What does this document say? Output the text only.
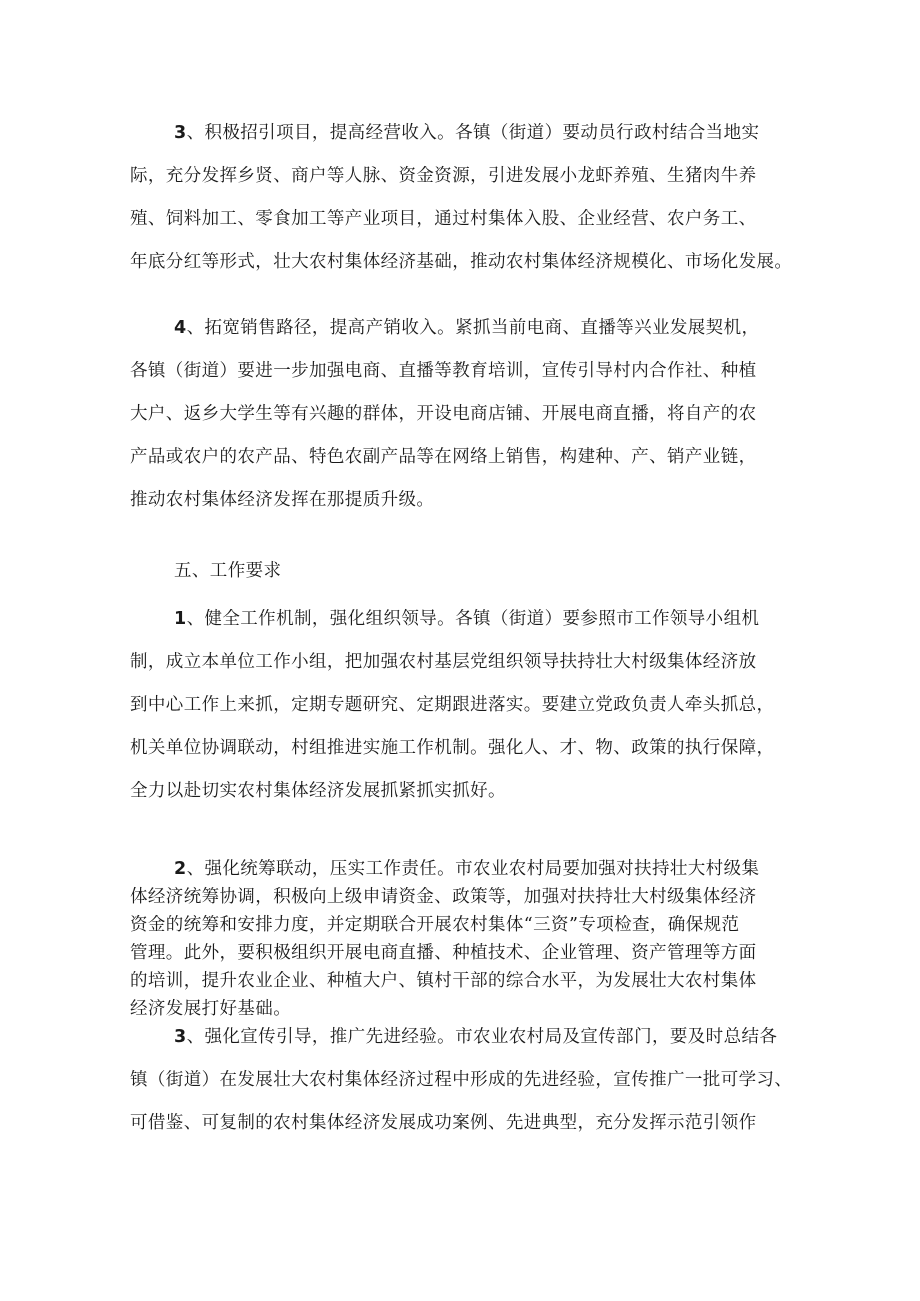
3、积极招引项目，提高经营收入。各镇（街道）要动员行政村结合当地实
际，充分发挥乡贤、商户等人脉、资金资源，引进发展小龙虾养殖、生猪肉牛养
殖、饲料加工、零食加工等产业项目，通过村集体入股、企业经营、农户务工、
年底分红等形式，壮大农村集体经济基础，推动农村集体经济规模化、市场化发展。
4、拓宽销售路径，提高产销收入。紧抓当前电商、直播等兴业发展契机，
各镇（街道）要进一步加强电商、直播等教育培训，宣传引导村内合作社、种植
大户、返乡大学生等有兴趣的群体，开设电商店铺、开展电商直播，将自产的农
产品或农户的农产品、特色农副产品等在网络上销售，构建种、产、销产业链，
推动农村集体经济发挥在那提质升级。
五、工作要求
1、健全工作机制，强化组织领导。各镇（街道）要参照市工作领导小组机
制，成立本单位工作小组，把加强农村基层党组织领导扶持壮大村级集体经济放
到中心工作上来抓，定期专题研究、定期跟进落实。要建立党政负责人牵头抓总，
机关单位协调联动，村组推进实施工作机制。强化人、才、物、政策的执行保障，
全力以赴切实农村集体经济发展抓紧抓实抓好。
2、强化统筹联动，压实工作责任。市农业农村局要加强对扶持壮大村级集
体经济统筹协调，积极向上级申请资金、政策等，加强对扶持壮大村级集体经济
资金的统筹和安排力度，并定期联合开展农村集体“三资”专项检查，确保规范
管理。此外，要积极组织开展电商直播、种植技术、企业管理、资产管理等方面
的培训，提升农业企业、种植大户、镇村干部的综合水平，为发展壮大农村集体
经济发展打好基础。
3、强化宣传引导，推广先进经验。市农业农村局及宣传部门，要及时总结各
镇（街道）在发展壮大农村集体经济过程中形成的先进经验，宣传推广一批可学习、
可借鉴、可复制的农村集体经济发展成功案例、先进典型，充分发挥示范引领作
